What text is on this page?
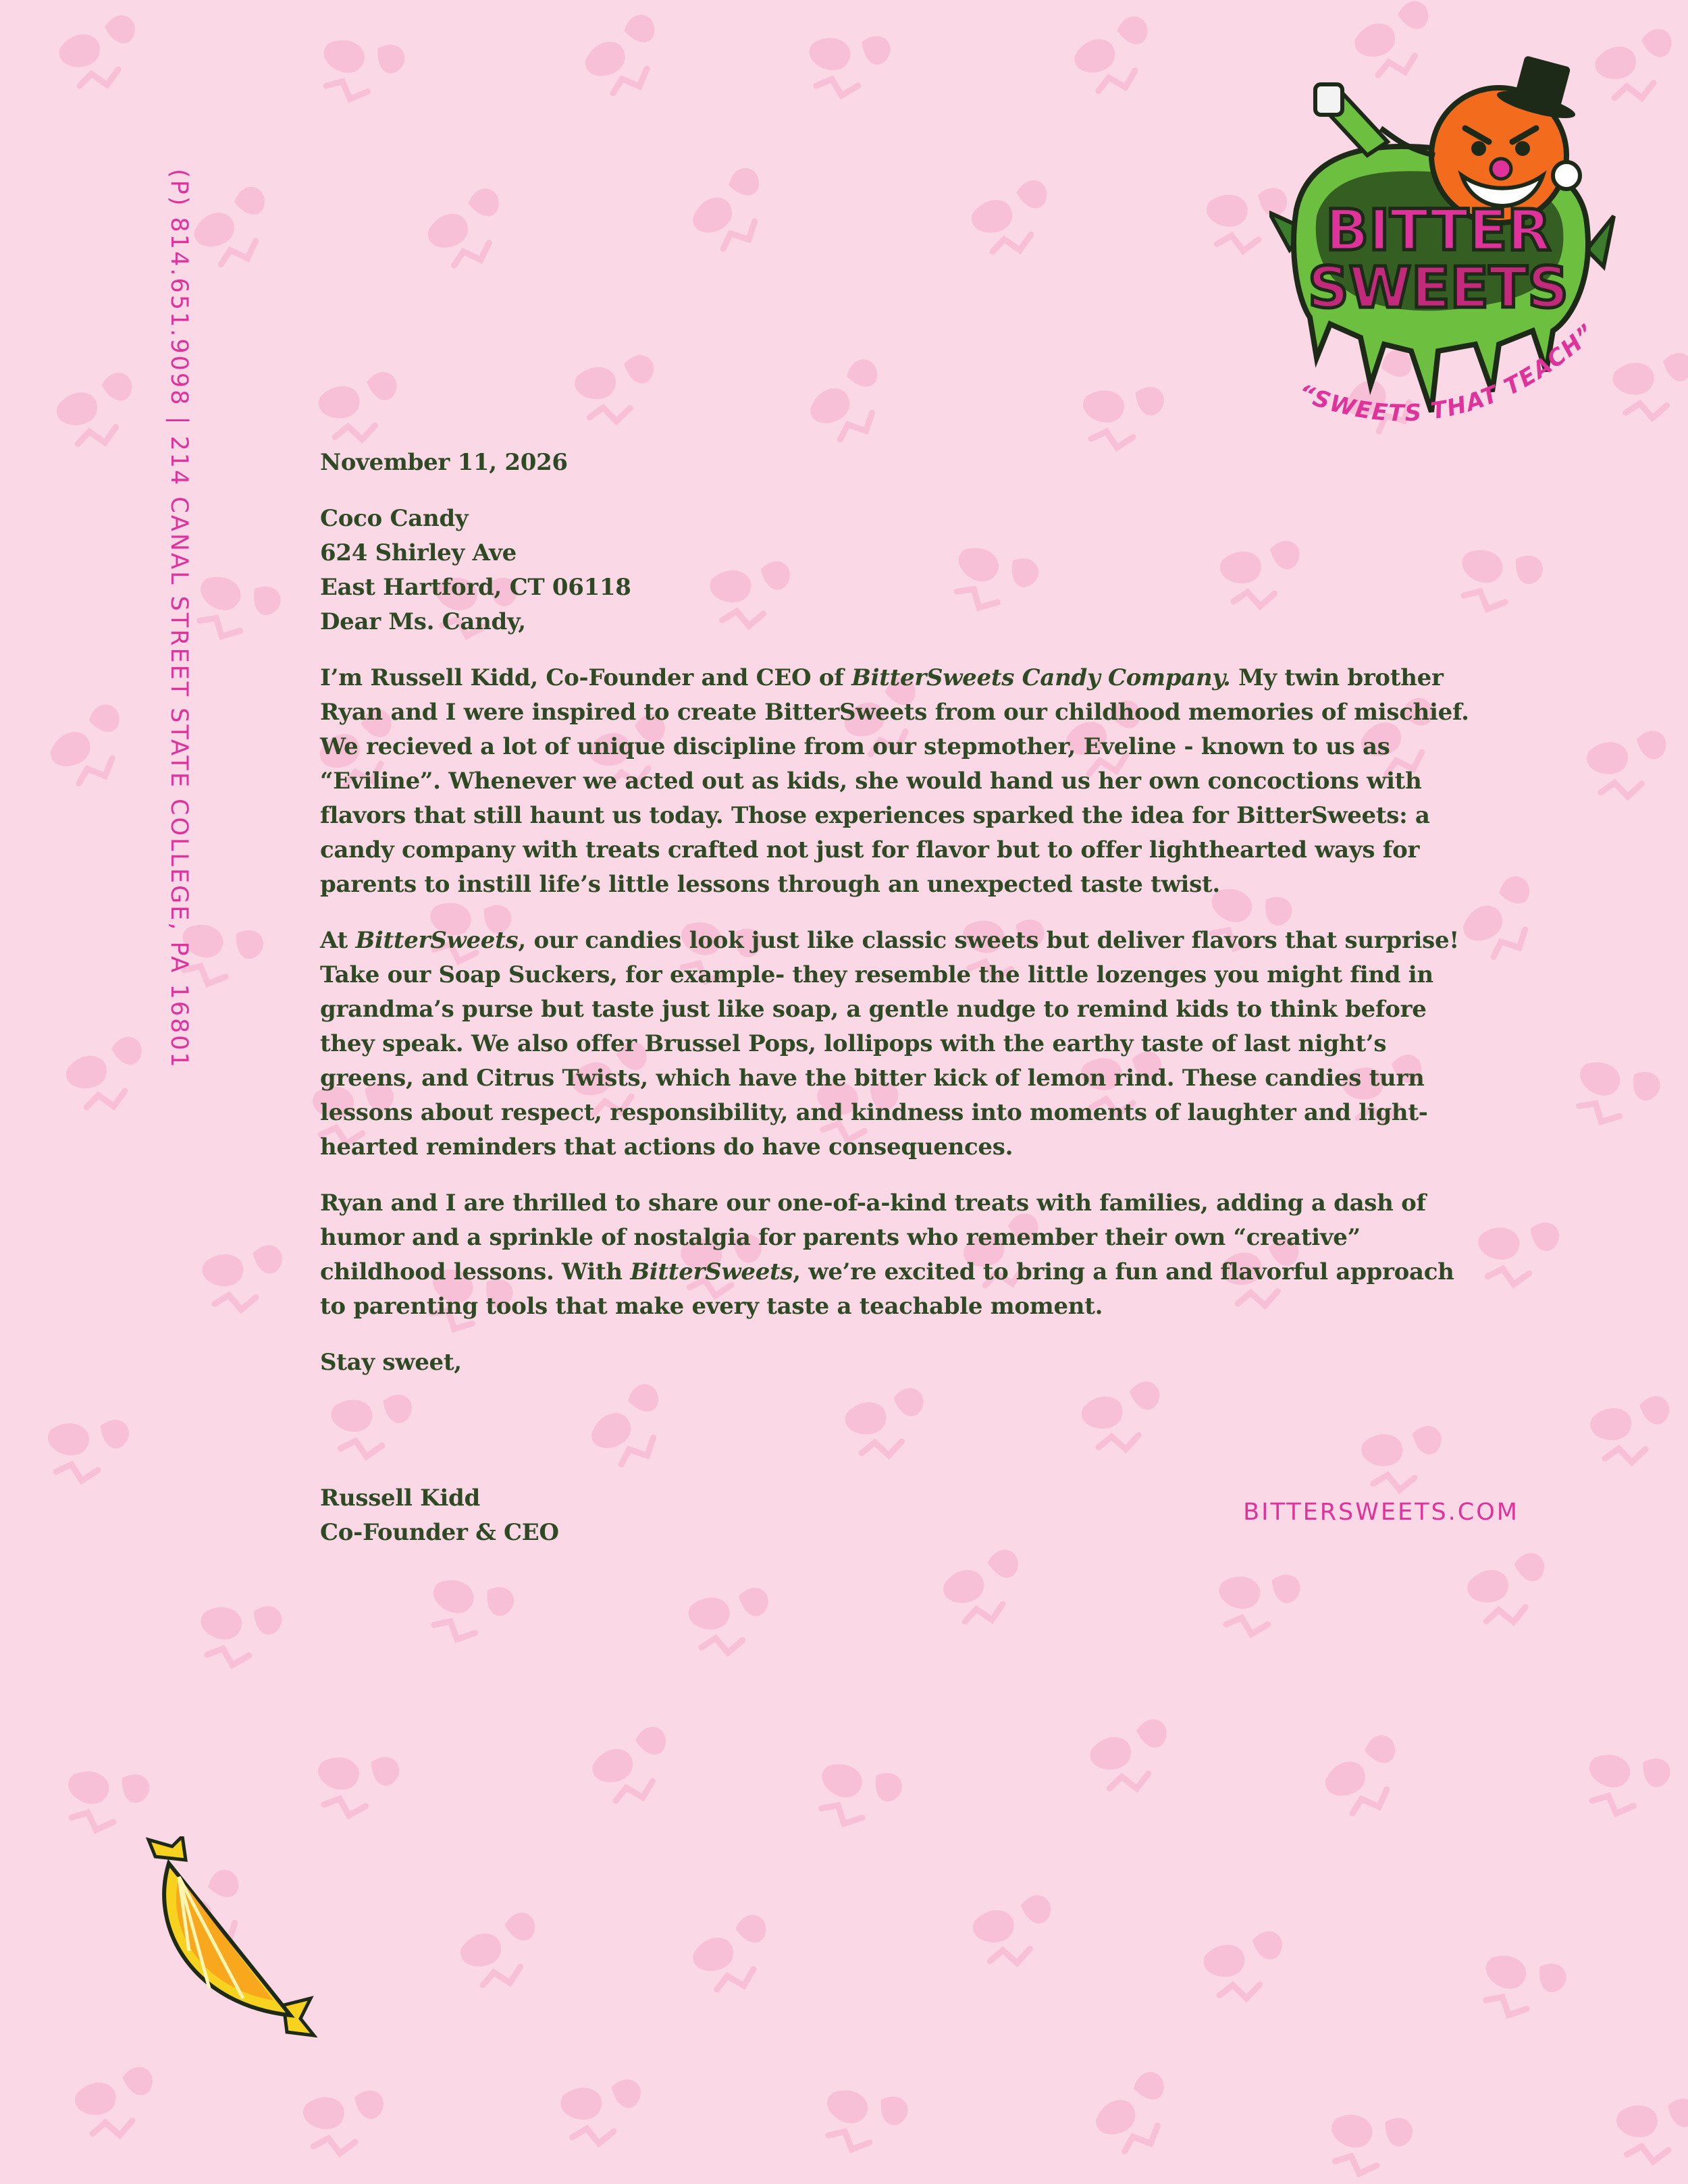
(P) 814.651.9098 | 214 CANAL STREET STATE COLLEGE, PA 16801	BITTER
SWEETS
“SWEETS THAT TEACH”

November 11, 2026

Coco Candy
624 Shirley Ave
East Hartford, CT 06118
Dear Ms. Candy,

I’m Russell Kidd, Co-Founder and CEO of BitterSweets Candy Company. My twin brother Ryan and I were inspired to create BitterSweets from our childhood memories of mischief. We recieved a lot of unique discipline from our stepmother, Eveline - known to us as “Eviline”. Whenever we acted out as kids, she would hand us her own concoctions with flavors that still haunt us today. Those experiences sparked the idea for BitterSweets: a candy company with treats crafted not just for flavor but to offer lighthearted ways for parents to instill life’s little lessons through an unexpected taste twist.

At BitterSweets, our candies look just like classic sweets but deliver flavors that surprise! Take our Soap Suckers, for example- they resemble the little lozenges you might find in grandma’s purse but taste just like soap, a gentle nudge to remind kids to think before they speak. We also offer Brussel Pops, lollipops with the earthy taste of last night’s greens, and Citrus Twists, which have the bitter kick of lemon rind. These candies turn lessons about respect, responsibility, and kindness into moments of laughter and light-hearted reminders that actions do have consequences.

Ryan and I are thrilled to share our one-of-a-kind treats with families, adding a dash of humor and a sprinkle of nostalgia for parents who remember their own “creative” childhood lessons. With BitterSweets, we’re excited to bring a fun and flavorful approach to parenting tools that make every taste a teachable moment.

Stay sweet,

Russell Kidd
Co-Founder & CEO
BITTERSWEETS.COM
